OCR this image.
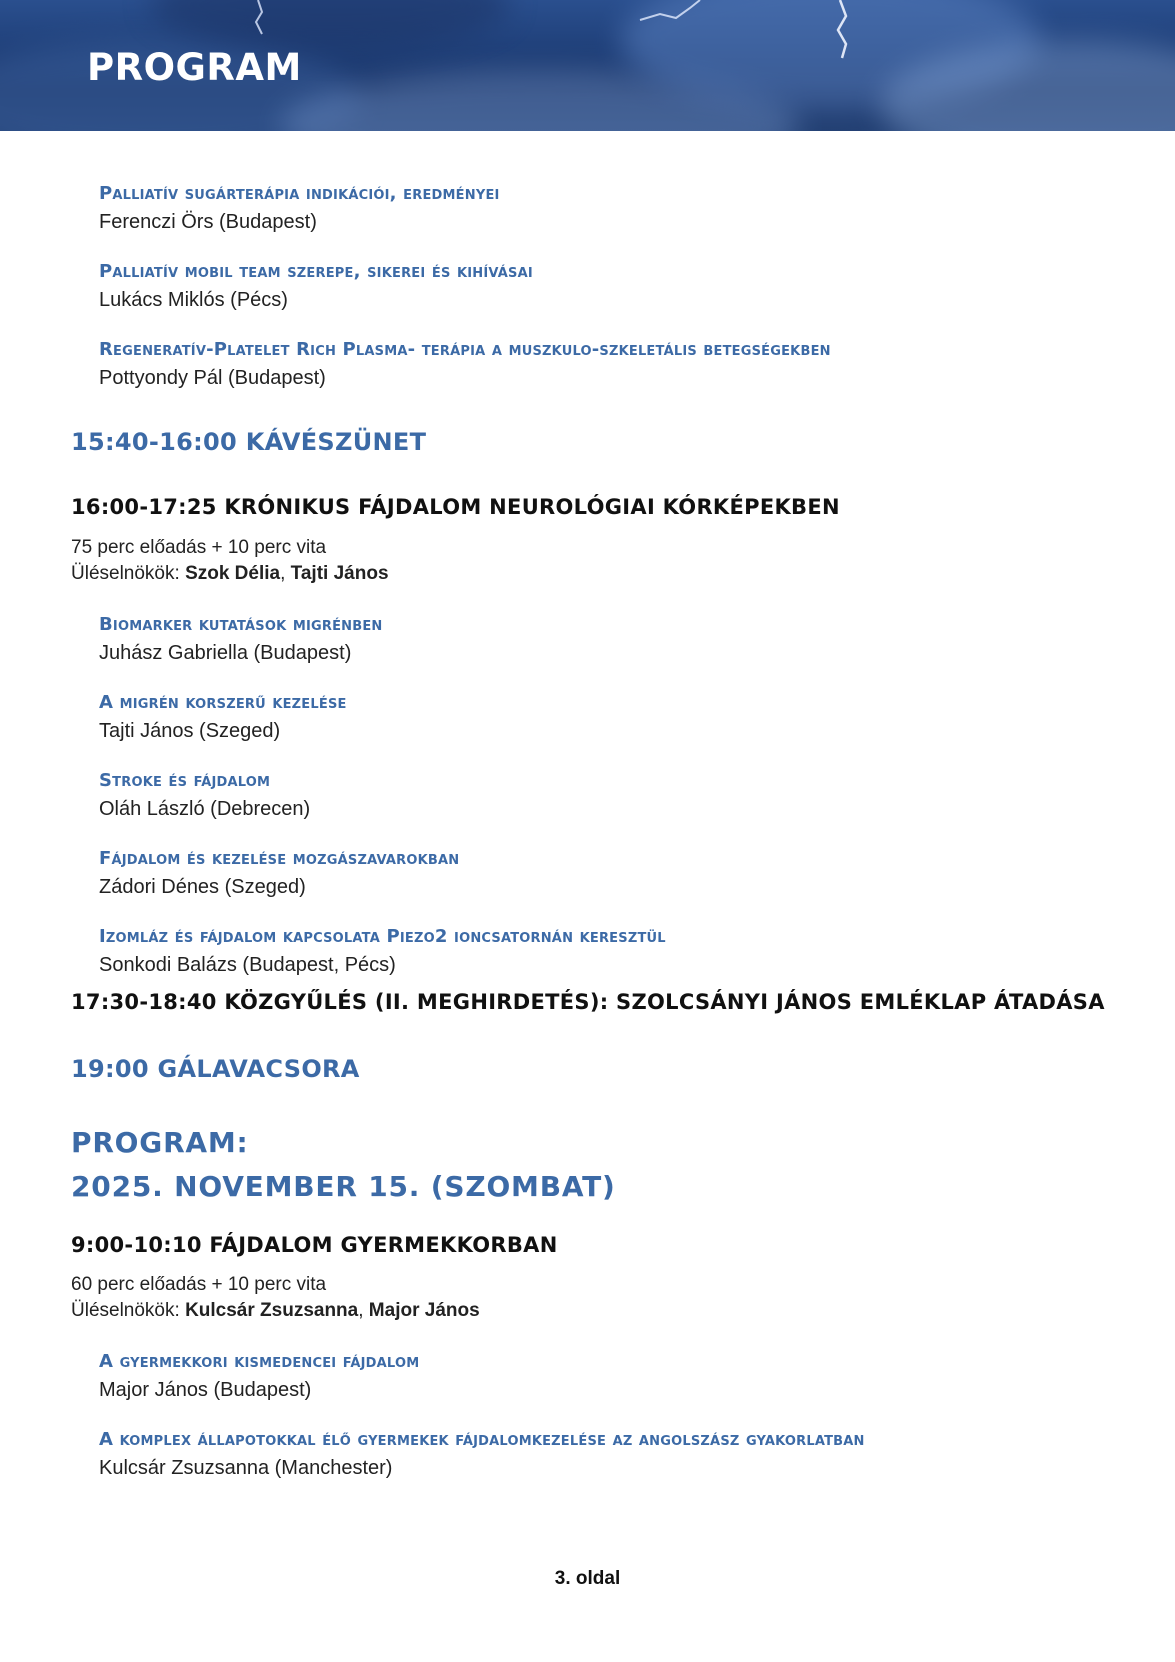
PROGRAM

Palliatív sugárterápia indikációi, eredményei

Ferenczi Örs (Budapest)

Palliatív mobil team szerepe, sikerei és kihívásai

Lukács Miklós (Pécs)

Regeneratív-Platelet Rich Plasma- terápia a muszkulo-szkeletális betegségekben

Pottyondy Pál (Budapest)

15:40-16:00 KÁVÉSZÜNET

16:00-17:25 KRÓNIKUS FÁJDALOM NEUROLÓGIAI KÓRKÉPEKBEN

75 perc előadás + 10 perc vita

Üléselnökök: Szok Délia, Tajti János

Biomarker kutatások migrénben

Juhász Gabriella (Budapest)

A migrén korszerű kezelése

Tajti János (Szeged)

Stroke és fájdalom

Oláh László (Debrecen)

Fájdalom és kezelése mozgászavarokban

Zádori Dénes (Szeged)

Izomláz és fájdalom kapcsolata Piezo2 ioncsatornán keresztül

Sonkodi Balázs (Budapest, Pécs)

17:30-18:40 KÖZGYŰLÉS (II. MEGHIRDETÉS): SZOLCSÁNYI JÁNOS EMLÉKLAP ÁTADÁSA

19:00 GÁLAVACSORA

PROGRAM:

2025. NOVEMBER 15. (SZOMBAT)

9:00-10:10 FÁJDALOM GYERMEKKORBAN

60 perc előadás + 10 perc vita

Üléselnökök: Kulcsár Zsuzsanna, Major János

A gyermekkori kismedencei fájdalom

Major János (Budapest)

A komplex állapotokkal élő gyermekek fájdalomkezelése az angolszász gyakorlatban

Kulcsár Zsuzsanna (Manchester)

3. oldal
